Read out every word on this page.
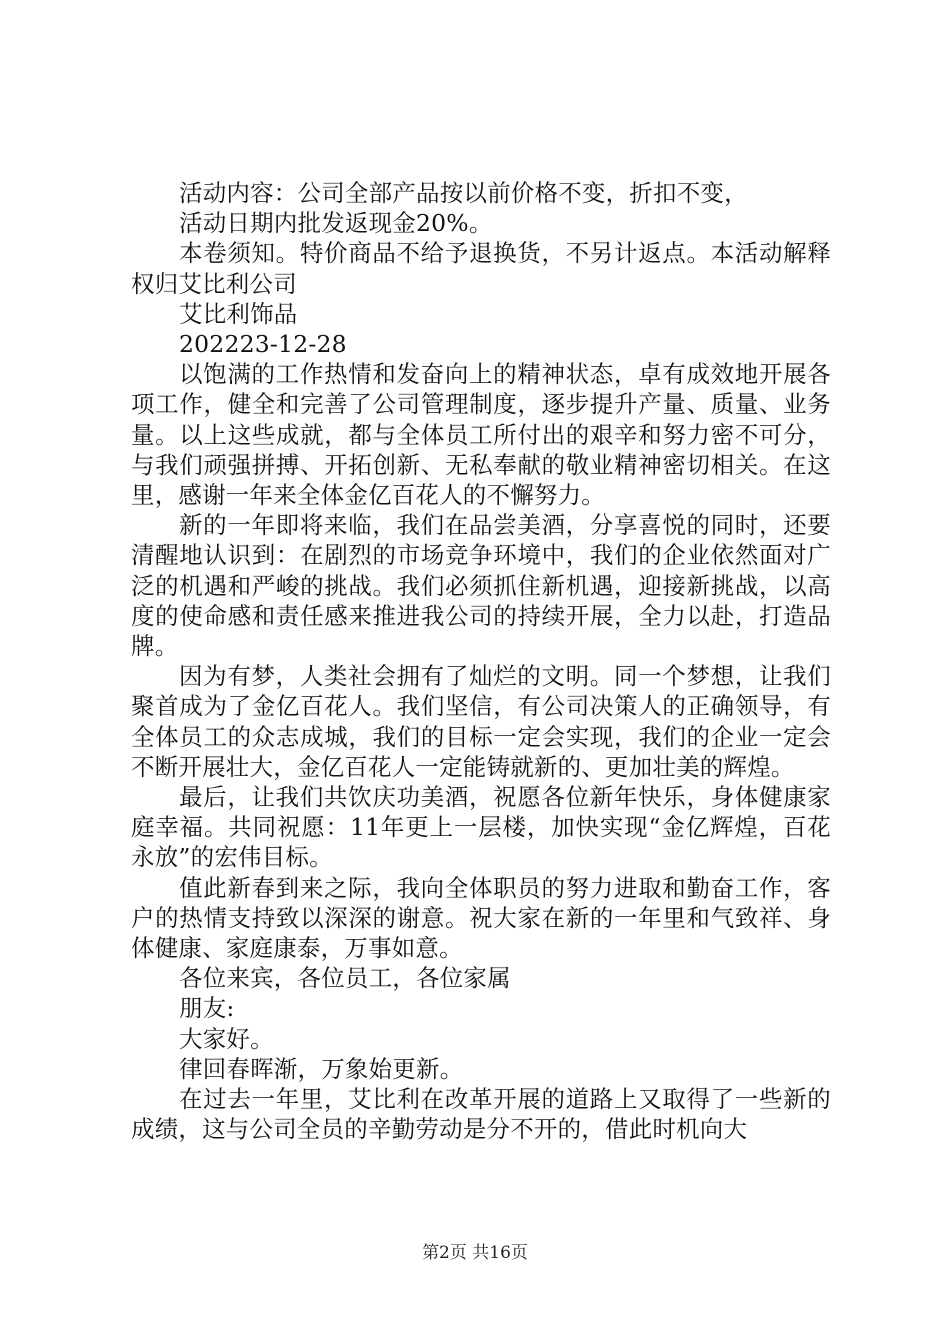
活动内容：公司全部产品按以前价格不变，折扣不变，

活动日期内批发返现金20%。

本卷须知。特价商品不给予退换货，不另计返点。本活动解释权归艾比利公司

艾比利饰品

202223-12-28

以饱满的工作热情和发奋向上的精神状态，卓有成效地开展各项工作，健全和完善了公司管理制度，逐步提升产量、质量、业务量。以上这些成就，都与全体员工所付出的艰辛和努力密不可分，与我们顽强拼搏、开拓创新、无私奉献的敬业精神密切相关。在这里，感谢一年来全体金亿百花人的不懈努力。

新的一年即将来临，我们在品尝美酒，分享喜悦的同时，还要清醒地认识到：在剧烈的市场竞争环境中，我们的企业依然面对广泛的机遇和严峻的挑战。我们必须抓住新机遇，迎接新挑战，以高度的使命感和责任感来推进我公司的持续开展，全力以赴，打造品牌。

因为有梦，人类社会拥有了灿烂的文明。同一个梦想，让我们聚首成为了金亿百花人。我们坚信，有公司决策人的正确领导，有全体员工的众志成城，我们的目标一定会实现，我们的企业一定会不断开展壮大，金亿百花人一定能铸就新的、更加壮美的辉煌。

最后，让我们共饮庆功美酒，祝愿各位新年快乐，身体健康家庭幸福。共同祝愿：11年更上一层楼，加快实现“金亿辉煌，百花永放”的宏伟目标。

值此新春到来之际，我向全体职员的努力进取和勤奋工作，客户的热情支持致以深深的谢意。祝大家在新的一年里和气致祥、身体健康、家庭康泰，万事如意。

各位来宾，各位员工，各位家属

朋友:

大家好。

律回春晖渐，万象始更新。

在过去一年里，艾比利在改革开展的道路上又取得了一些新的成绩，这与公司全员的辛勤劳动是分不开的，借此时机向大

第2页 共16页
